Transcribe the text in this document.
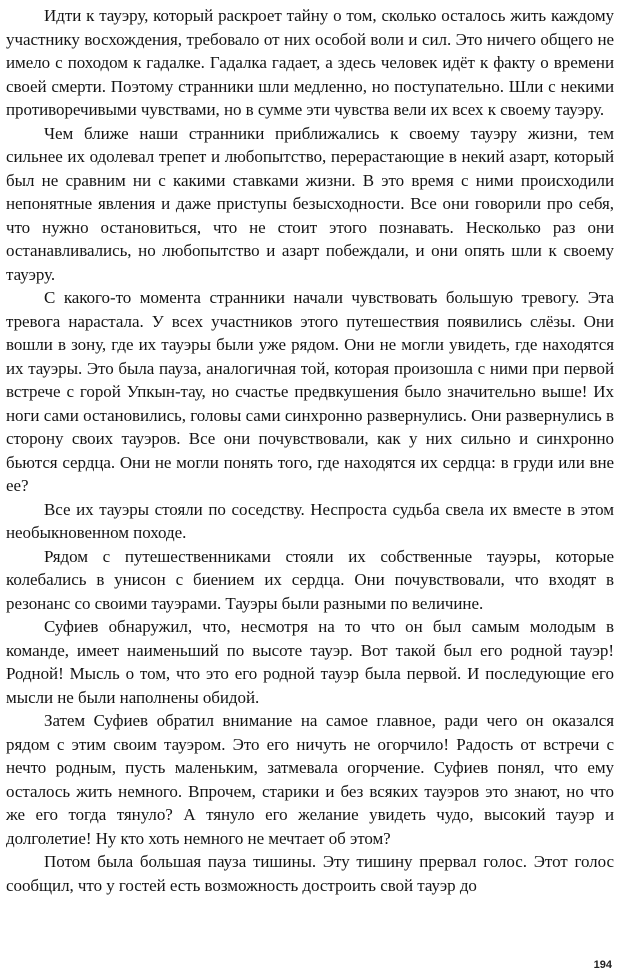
Идти к тауэру, который раскроет тайну о том, сколько осталось жить каждому участнику восхождения, требовало от них особой воли и сил. Это ничего общего не имело с походом к гадалке. Гадалка гадает, а здесь человек идёт к факту о времени своей смерти. Поэтому странники шли медленно, но поступательно. Шли с некими противоречивыми чувствами, но в сумме эти чувства вели их всех к своему тауэру.

Чем ближе наши странники приближались к своему тауэру жизни, тем сильнее их одолевал трепет и любопытство, перерастающие в некий азарт, который был не сравним ни с какими ставками жизни. В это время с ними происходили непонятные явления и даже приступы безысходности. Все они говорили про себя, что нужно остановиться, что не стоит этого познавать. Несколько раз они останавливались, но любопытство и азарт побеждали, и они опять шли к своему тауэру.

С какого-то момента странники начали чувствовать большую тревогу. Эта тревога нарастала. У всех участников этого путешествия появились слёзы. Они вошли в зону, где их тауэры были уже рядом. Они не могли увидеть, где находятся их тауэры. Это была пауза, аналогичная той, которая произошла с ними при первой встрече с горой Упкын-тау, но счастье предвкушения было значительно выше! Их ноги сами остановились, головы сами синхронно развернулись. Они развернулись в сторону своих тауэров. Все они почувствовали, как у них сильно и синхронно бьются сердца. Они не могли понять того, где находятся их сердца: в груди или вне ее?

Все их тауэры стояли по соседству. Неспроста судьба свела их вместе в этом необыкновенном походе.

Рядом с путешественниками стояли их собственные тауэры, которые колебались в унисон с биением их сердца. Они почувствовали, что входят в резонанс со своими тауэрами. Тауэры были разными по величине.

Суфиев обнаружил, что, несмотря на то что он был самым молодым в команде, имеет наименьший по высоте тауэр. Вот такой был его родной тауэр! Родной! Мысль о том, что это его родной тауэр была первой. И последующие его мысли не были наполнены обидой.

Затем Суфиев обратил внимание на самое главное, ради чего он оказался рядом с этим своим тауэром. Это его ничуть не огорчило! Радость от встречи с нечто родным, пусть маленьким, затмевала огорчение. Суфиев понял, что ему осталось жить немного. Впрочем, старики и без всяких тауэров это знают, но что же его тогда тянуло? А тянуло его желание увидеть чудо, высокий тауэр и долголетие! Ну кто хоть немного не мечтает об этом?

Потом была большая пауза тишины. Эту тишину прервал голос. Этот голос сообщил, что у гостей есть возможность достроить свой тауэр до

194
